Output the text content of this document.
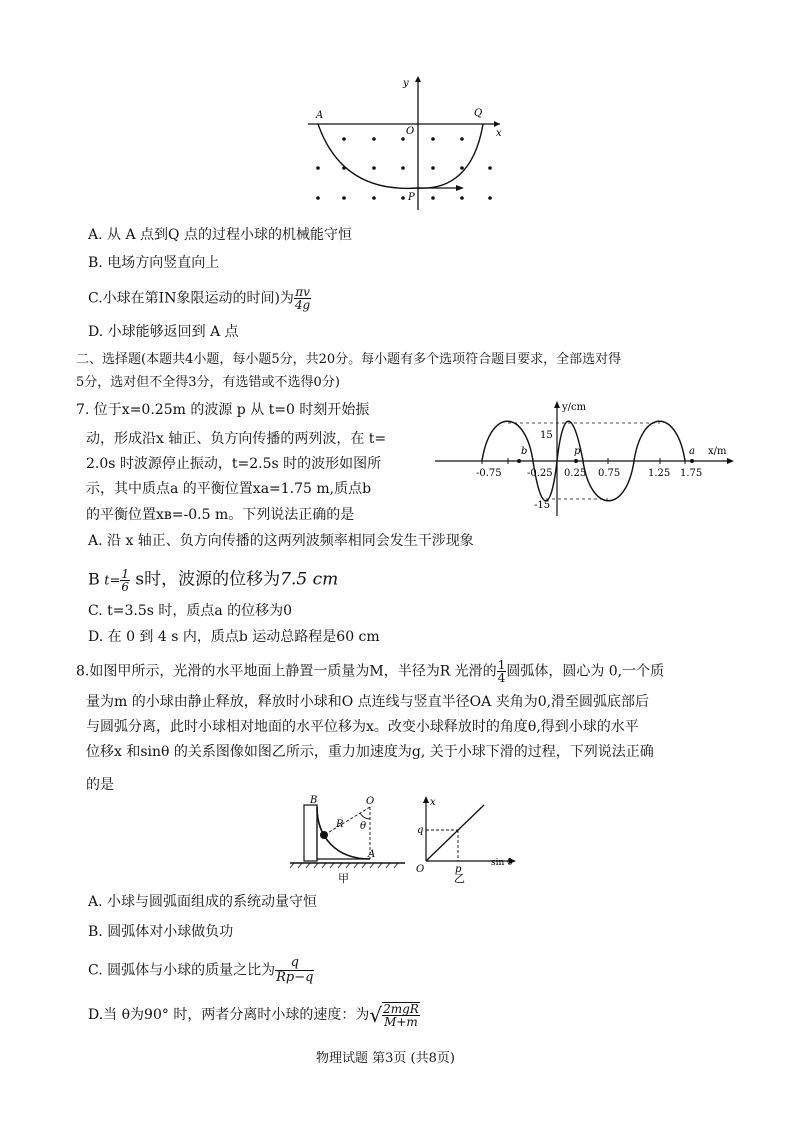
y
A	Q
O	x
P
A. 从 A 点到Q 点的过程小球的机械能守恒
B. 电场方向竖直向上
C.小球在第IN象限运动的时间)为 $\frac{\pi v}{4g}$
D. 小球能够返回到 A 点
二、选择题(本题共4小题，每小题5分，共20分。每小题有多个选项符合题目要求，全部选对得
5分，选对但不全得3分，有选错或不选得0分)
7. 位于x=0.25m 的波源 p 从 t=0 时刻开始振
动，形成沿x 轴正、负方向传播的两列波，在 t=
2.0s 时波源停止振动，t=2.5s 时的波形如图所
示，其中质点a 的平衡位置xa=1.75 m,质点b
的平衡位置xв=-0.5 m。下列说法正确的是
y/cm
x/m
15
-15
-0.75	-0.25 0.25 0.75	1.25 1.75
b	p	a
A. 沿 x 轴正、负方向传播的这两列波频率相同会发生干涉现象
B $t= \frac{1}{6}$ s时，波源的位移为7.5 cm
C. t=3.5s 时，质点a 的位移为0
D. 在 0 到 4 s 内，质点b 运动总路程是60 cm
8.如图甲所示，光滑的水平地面上静置一质量为M，半径为R 光滑的 $\frac{1}{4}$ 圆弧体，圆心为 0,一个质
量为m 的小球由静止释放，释放时小球和O 点连线与竖直半径OA 夹角为0,滑至圆弧底部后
与圆弧分离，此时小球相对地面的水平位移为x。改变小球释放时的角度θ,得到小球的水平
位移x 和sinθ 的关系图像如图乙所示，重力加速度为g, 关于小球下滑的过程，下列说法正确
的是
B	O
R θ
A
甲
x
q
O	p
sin θ
乙
A. 小球与圆弧面组成的系统动量守恒
B. 圆弧体对小球做负功
C. 圆弧体与小球的质量之比为 $\frac{q}{Rp-q}$
D.当 θ为90° 时，两者分离时小球的速度：为√ $\frac{\text{2mgR}}{M+m}$
物理试题 第3页 (共8页)
